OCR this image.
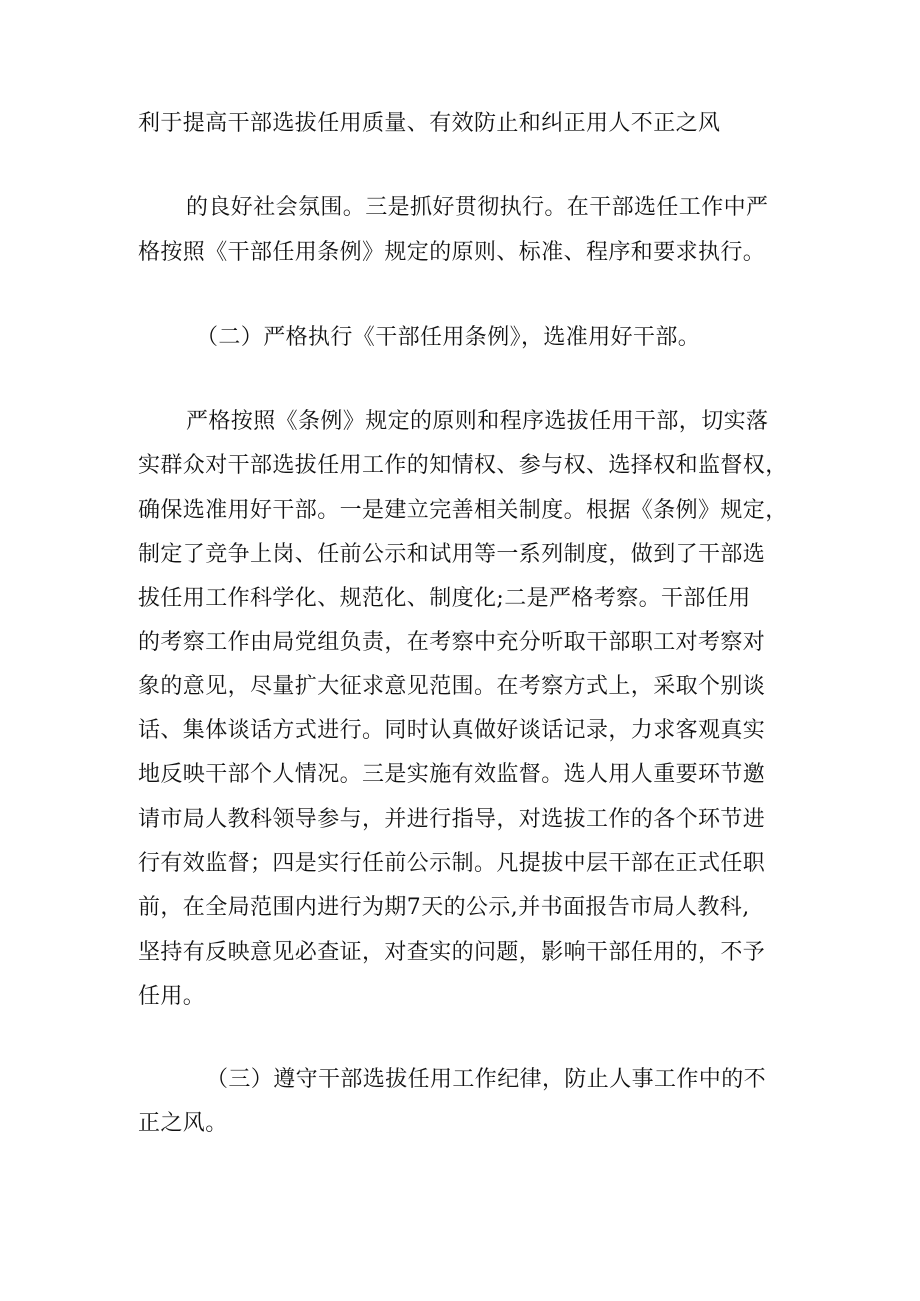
利于提高干部选拔任用质量、有效防止和纠正用人不正之风
的良好社会氛围。三是抓好贯彻执行。在干部选任工作中严
格按照《干部任用条例》规定的原则、标准、程序和要求执行。
（二）严格执行《干部任用条例》，选准用好干部。
严格按照《条例》规定的原则和程序选拔任用干部，切实落
实群众对干部选拔任用工作的知情权、参与权、选择权和监督权，
确保选准用好干部。一是建立完善相关制度。根据《条例》规定，
制定了竞争上岗、任前公示和试用等一系列制度，做到了干部选
拔任用工作科学化、规范化、制度化;二是严格考察。干部任用
的考察工作由局党组负责，在考察中充分听取干部职工对考察对
象的意见，尽量扩大征求意见范围。在考察方式上，采取个别谈
话、集体谈话方式进行。同时认真做好谈话记录，力求客观真实
地反映干部个人情况。三是实施有效监督。选人用人重要环节邀
请市局人教科领导参与，并进行指导，对选拔工作的各个环节进
行有效监督；四是实行任前公示制。凡提拔中层干部在正式任职
前，在全局范围内进行为期7天的公示,并书面报告市局人教科,
坚持有反映意见必查证，对查实的问题，影响干部任用的，不予
任用。
（三）遵守干部选拔任用工作纪律，防止人事工作中的不
正之风。
